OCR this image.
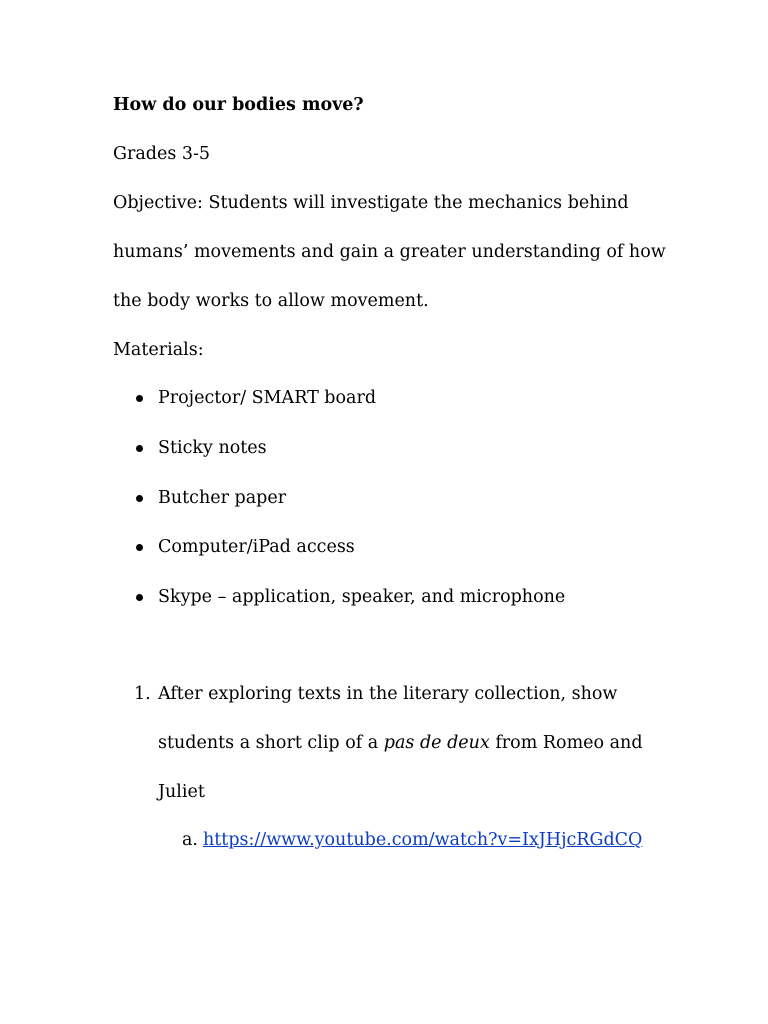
How do our bodies move?
Grades 3-5
Objective: Students will investigate the mechanics behind
humans’ movements and gain a greater understanding of how
the body works to allow movement.
Materials:
Projector/ SMART board
Sticky notes
Butcher paper
Computer/iPad access
Skype – application, speaker, and microphone
1. After exploring texts in the literary collection, show
students a short clip of a pas de deux from Romeo and
Juliet
a. https://www.youtube.com/watch?v=IxJHjcRGdCQ
